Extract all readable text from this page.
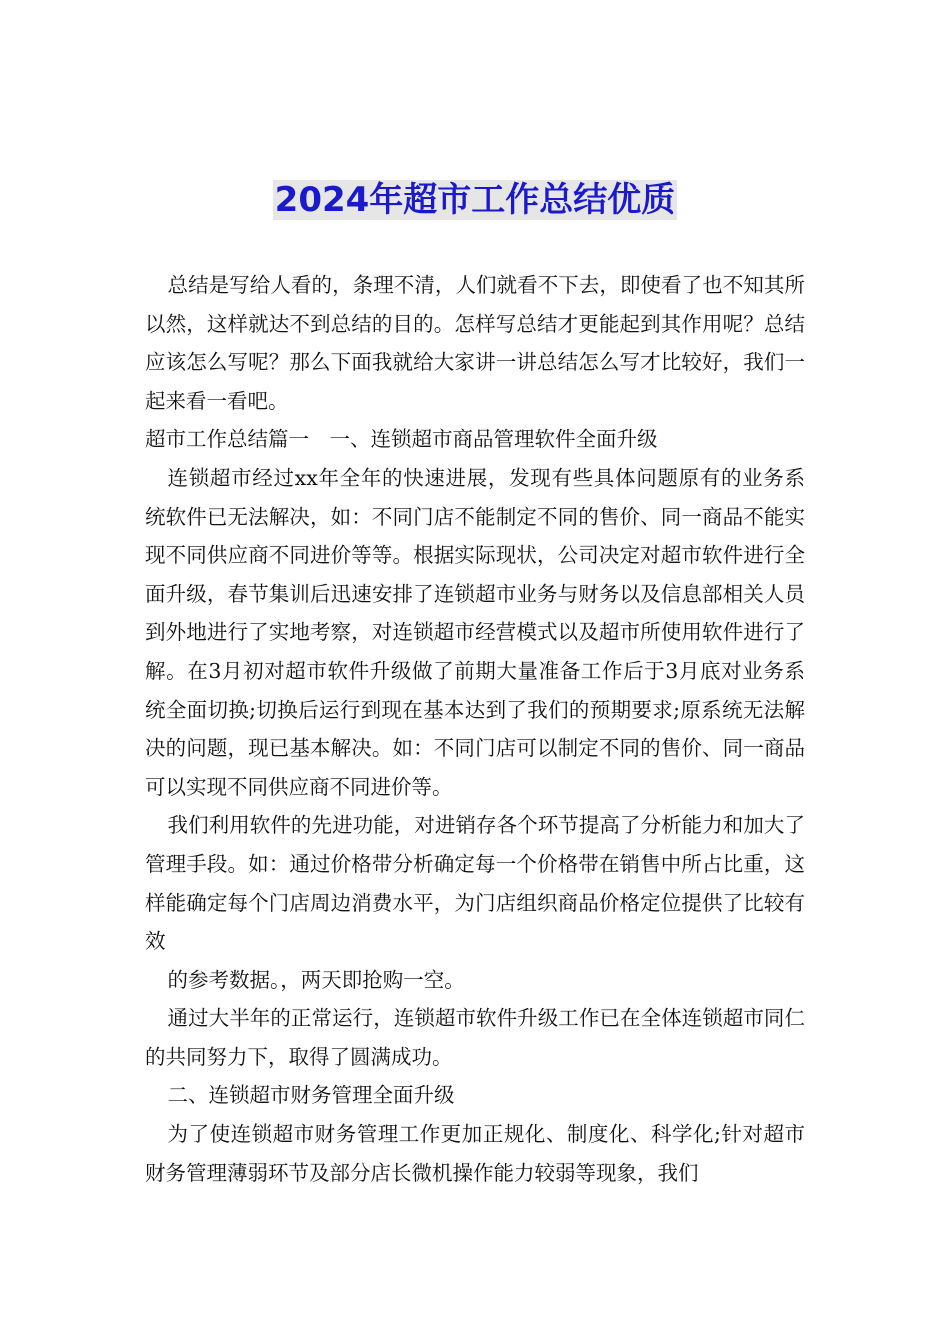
2024年超市工作总结优质

总结是写给人看的，条理不清，人们就看不下去，即使看了也不知其所以然，这样就达不到总结的目的。怎样写总结才更能起到其作用呢？总结应该怎么写呢？那么下面我就给大家讲一讲总结怎么写才比较好，我们一起来看一看吧。

超市工作总结篇一　一、连锁超市商品管理软件全面升级

连锁超市经过xx年全年的快速进展，发现有些具体问题原有的业务系统软件已无法解决，如：不同门店不能制定不同的售价、同一商品不能实现不同供应商不同进价等等。根据实际现状，公司决定对超市软件进行全面升级，春节集训后迅速安排了连锁超市业务与财务以及信息部相关人员到外地进行了实地考察，对连锁超市经营模式以及超市所使用软件进行了解。在3月初对超市软件升级做了前期大量准备工作后于3月底对业务系统全面切换;切换后运行到现在基本达到了我们的预期要求;原系统无法解决的问题，现已基本解决。如：不同门店可以制定不同的售价、同一商品可以实现不同供应商不同进价等。

我们利用软件的先进功能，对进销存各个环节提高了分析能力和加大了管理手段。如：通过价格带分析确定每一个价格带在销售中所占比重，这样能确定每个门店周边消费水平，为门店组织商品价格定位提供了比较有效

的参考数据。，两天即抢购一空。

通过大半年的正常运行，连锁超市软件升级工作已在全体连锁超市同仁的共同努力下，取得了圆满成功。

二、连锁超市财务管理全面升级

为了使连锁超市财务管理工作更加正规化、制度化、科学化;针对超市财务管理薄弱环节及部分店长微机操作能力较弱等现象，我们
